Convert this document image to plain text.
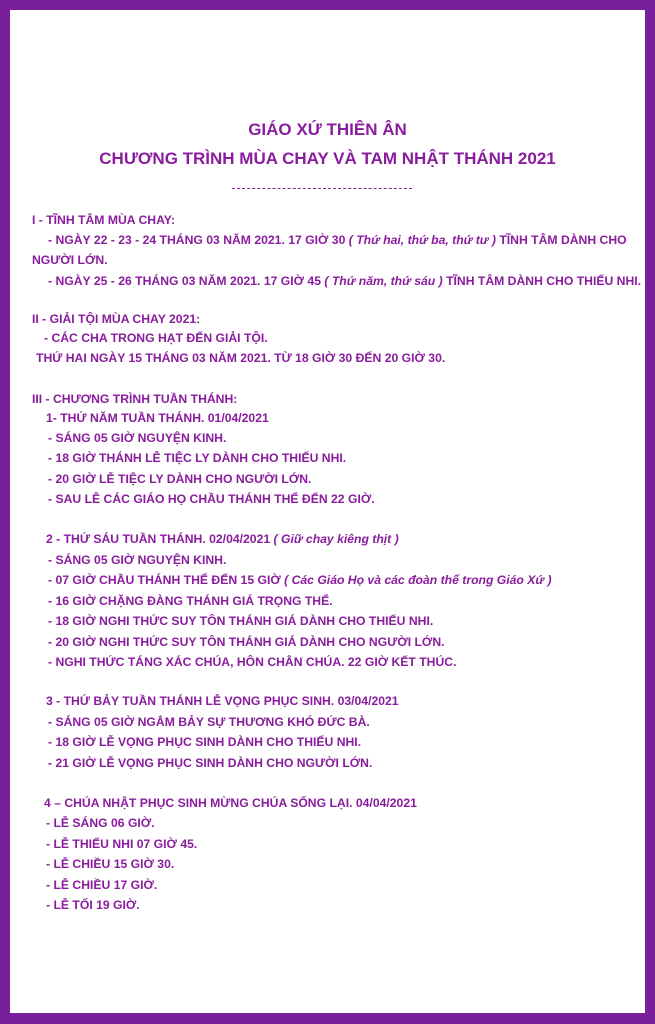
GIÁO XỨ THIÊN ÂN
CHƯƠNG TRÌNH MÙA CHAY VÀ TAM NHẬT THÁNH 2021
I - TĨNH TÂM MÙA CHAY:
- NGÀY 22 - 23 - 24 THÁNG 03 NĂM 2021. 17 GIỜ 30 ( Thứ hai, thứ ba, thứ tư ) TĨNH TÂM DÀNH CHO
NGƯỜI LỚN.
- NGÀY 25 - 26 THÁNG 03 NĂM 2021. 17 GIỜ 45 ( Thứ năm, thứ sáu ) TĨNH TÂM DÀNH CHO THIẾU NHI.
II - GIẢI TỘI MÙA CHAY 2021:
- CÁC CHA TRONG HẠT ĐẾN GIẢI TỘI.
THỨ HAI NGÀY 15 THÁNG 03 NĂM 2021. TỪ 18 GIỜ 30 ĐẾN 20 GIỜ 30.
III - CHƯƠNG TRÌNH TUẦN THÁNH:
1- THỨ NĂM TUẦN THÁNH. 01/04/2021
- SÁNG 05 GIỜ NGUYỆN KINH.
- 18 GIỜ THÁNH LỄ TIỆC LY DÀNH CHO THIẾU NHI.
- 20 GIỜ LỄ TIỆC LY DÀNH CHO NGƯỜI LỚN.
- SAU LỄ CÁC GIÁO HỌ CHẦU THÁNH THỂ ĐẾN 22 GIỜ.
2 - THỨ SÁU TUẦN THÁNH. 02/04/2021 ( Giữ chay kiêng thịt )
- SÁNG 05 GIỜ NGUYỆN KINH.
- 07 GIỜ CHẦU THÁNH THỂ ĐẾN 15 GIỜ ( Các Giáo Họ và các đoàn thể trong Giáo Xứ )
- 16 GIỜ CHẶNG ĐÀNG THÁNH GIÁ TRỌNG THỂ.
- 18 GIỜ NGHI THỨC SUY TÔN THÁNH GIÁ DÀNH CHO THIẾU NHI.
- 20 GIỜ NGHI THỨC SUY TÔN THÁNH GIÁ DÀNH CHO NGƯỜI LỚN.
- NGHI THỨC TÁNG XÁC CHÚA, HÔN CHÂN CHÚA. 22 GIỜ KẾT THÚC.
3 - THỨ BẢY TUẦN THÁNH LỄ VỌNG PHỤC SINH. 03/04/2021
- SÁNG 05 GIỜ NGẮM BẢY SỰ THƯƠNG KHÓ ĐỨC BÀ.
- 18 GIỜ LỄ VỌNG PHỤC SINH DÀNH CHO THIẾU NHI.
- 21 GIỜ LỄ VỌNG PHỤC SINH DÀNH CHO NGƯỜI LỚN.
4 – CHÚA NHẬT PHỤC SINH MỪNG CHÚA SỐNG LẠI. 04/04/2021
- LỄ SÁNG 06 GIỜ.
- LỄ THIẾU NHI 07 GIỜ 45.
- LỄ CHIỀU 15 GIỜ 30.
- LỄ CHIỀU 17 GIỜ.
- LỄ TỐI 19 GIỜ.
